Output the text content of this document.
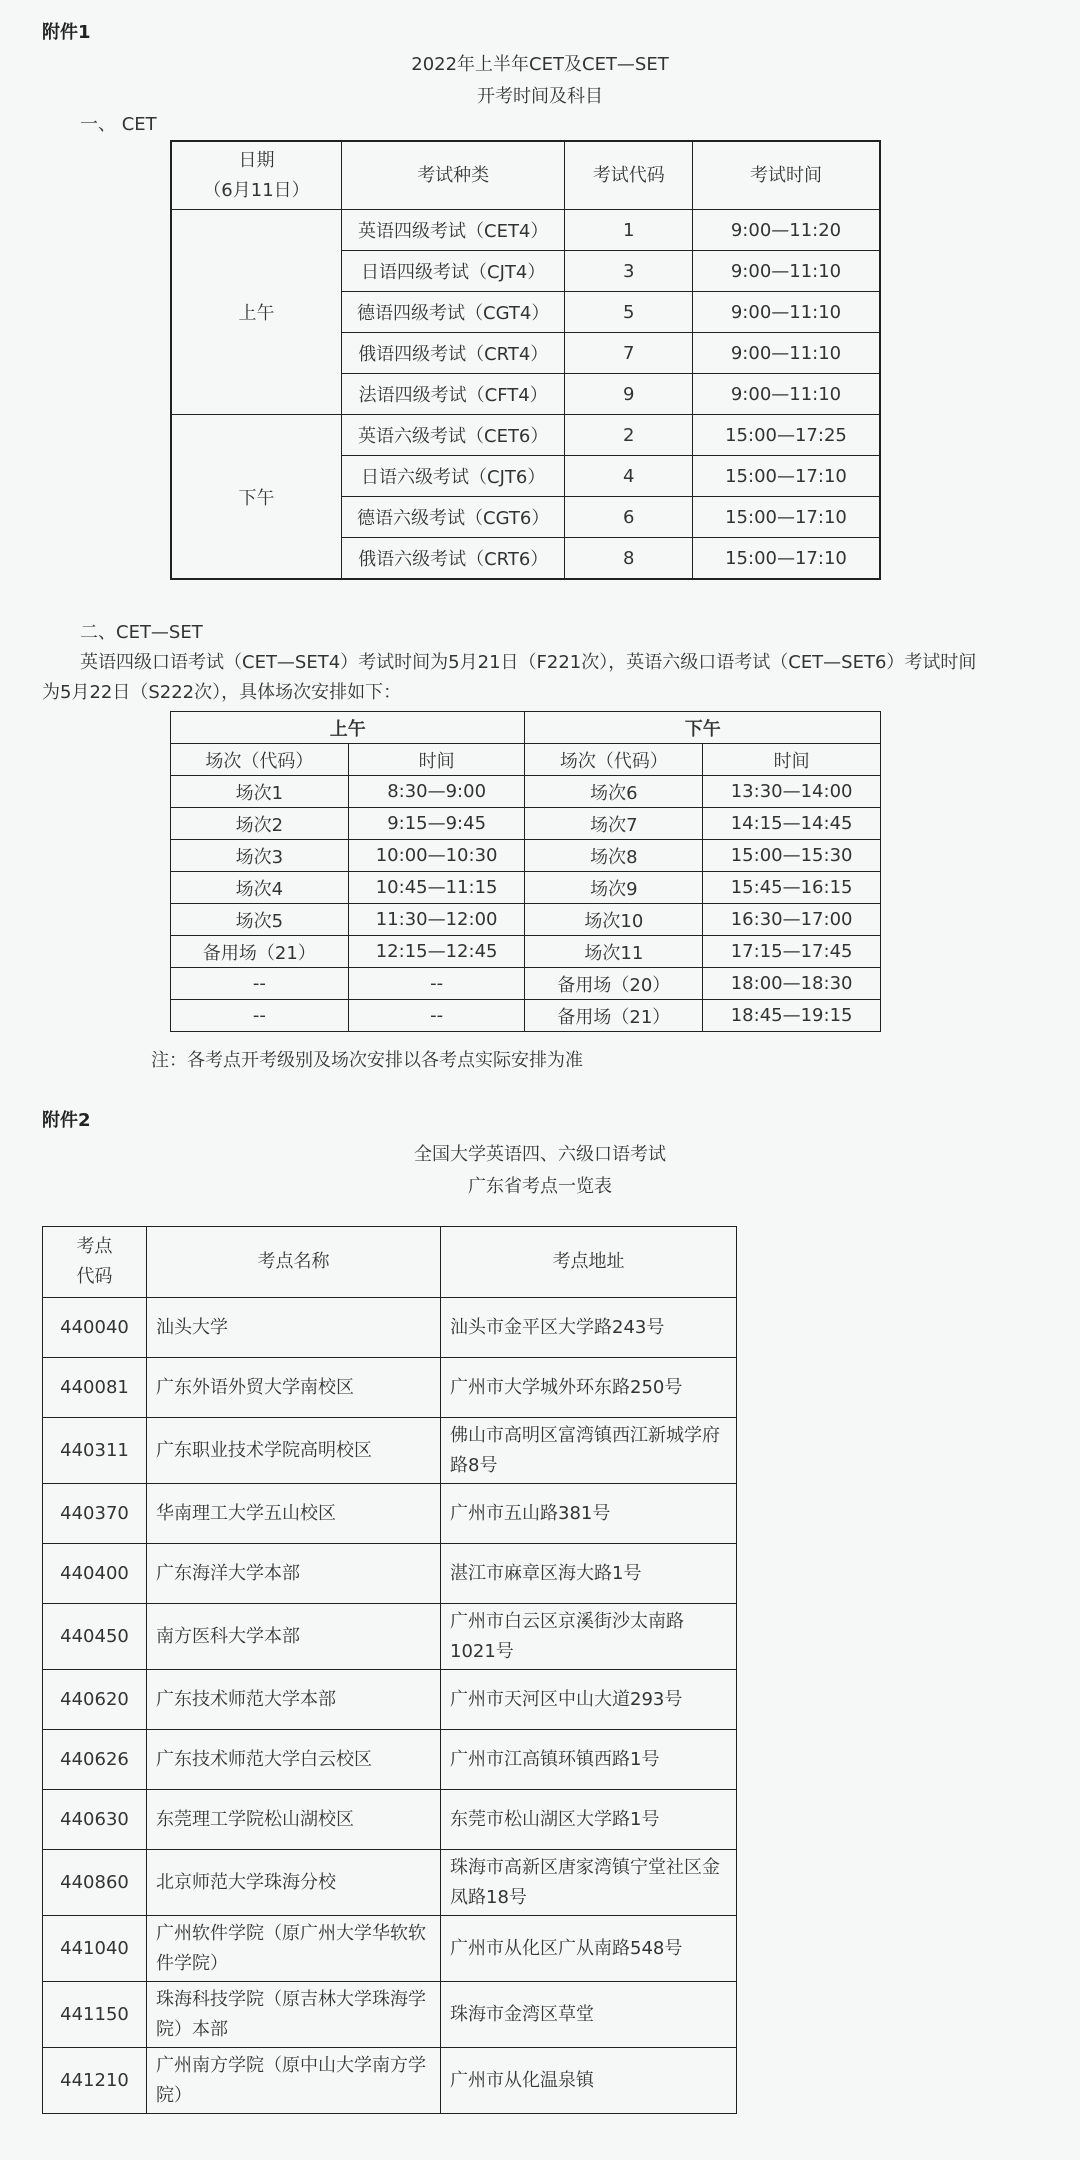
附件1
2022年上半年CET及CET—SET
开考时间及科目
一、 CET
日期
（6月11日）	考试种类	考试代码	考试时间
上午	英语四级考试（CET4）	1	9:00—11:20
	日语四级考试（CJT4）	3	9:00—11:10
	德语四级考试（CGT4）	5	9:00—11:10
	俄语四级考试（CRT4）	7	9:00—11:10
	法语四级考试（CFT4）	9	9:00—11:10
下午	英语六级考试（CET6）	2	15:00—17:25
	日语六级考试（CJT6）	4	15:00—17:10
	德语六级考试（CGT6）	6	15:00—17:10
	俄语六级考试（CRT6）	8	15:00—17:10
二、CET—SET
英语四级口语考试（CET—SET4）考试时间为5月21日（F221次），英语六级口语考试（CET—SET6）考试时间
为5月22日（S222次），具体场次安排如下：
上午		下午	
场次（代码）	时间	场次（代码）	时间
场次1	8:30—9:00	场次6	13:30—14:00
场次2	9:15—9:45	场次7	14:15—14:45
场次3	10:00—10:30	场次8	15:00—15:30
场次4	10:45—11:15	场次9	15:45—16:15
场次5	11:30—12:00	场次10	16:30—17:00
备用场（21）	12:15—12:45	场次11	17:15—17:45
--	--	备用场（20）	18:00—18:30
--	--	备用场（21）	18:45—19:15
注：各考点开考级别及场次安排以各考点实际安排为准
附件2
全国大学英语四、六级口语考试
广东省考点一览表
考点
代码	考点名称	考点地址
440040	汕头大学	汕头市金平区大学路243号
440081	广东外语外贸大学南校区	广州市大学城外环东路250号
440311	广东职业技术学院高明校区	佛山市高明区富湾镇西江新城学府路8号
440370	华南理工大学五山校区	广州市五山路381号
440400	广东海洋大学本部	湛江市麻章区海大路1号
440450	南方医科大学本部	广州市白云区京溪街沙太南路1021号
440620	广东技术师范大学本部	广州市天河区中山大道293号
440626	广东技术师范大学白云校区	广州市江高镇环镇西路1号
440630	东莞理工学院松山湖校区	东莞市松山湖区大学路1号
440860	北京师范大学珠海分校	珠海市高新区唐家湾镇宁堂社区金凤路18号
441040	广州软件学院（原广州大学华软软件学院）	广州市从化区广从南路548号
441150	珠海科技学院（原吉林大学珠海学院）本部	珠海市金湾区草堂
441210	广州南方学院（原中山大学南方学院）	广州市从化温泉镇
